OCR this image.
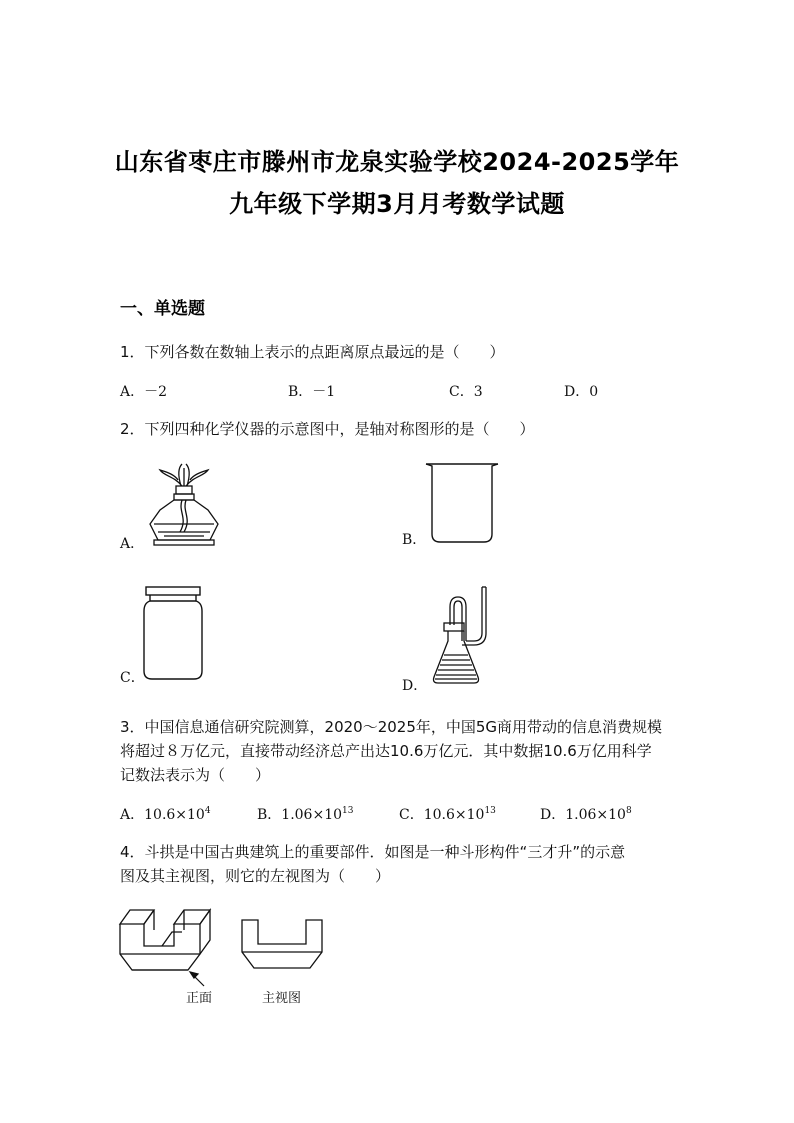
山东省枣庄市滕州市龙泉实验学校2024-2025学年
九年级下学期3月月考数学试题
一、单选题
1．下列各数在数轴上表示的点距离原点最远的是（　　）
A．－2	B．－1	C．3	D．0
2．下列四种化学仪器的示意图中，是轴对称图形的是（　　）
A．	B．
C．	D．
3．中国信息通信研究院测算，2020～2025年，中国5G商用带动的信息消费规模
将超过８万亿元，直接带动经济总产出达10.6万亿元．其中数据10.6万亿用科学
记数法表示为（　　）
A．$10.6\times 10^4$	B．$1.06\times 10^{13}$	C．$10.6\times 10^{13}$	D．$1.06\times 10^8$
4．斗拱是中国古典建筑上的重要部件．如图是一种斗形构件“三才升”的示意
图及其主视图，则它的左视图为（　　）
正面	主视图
